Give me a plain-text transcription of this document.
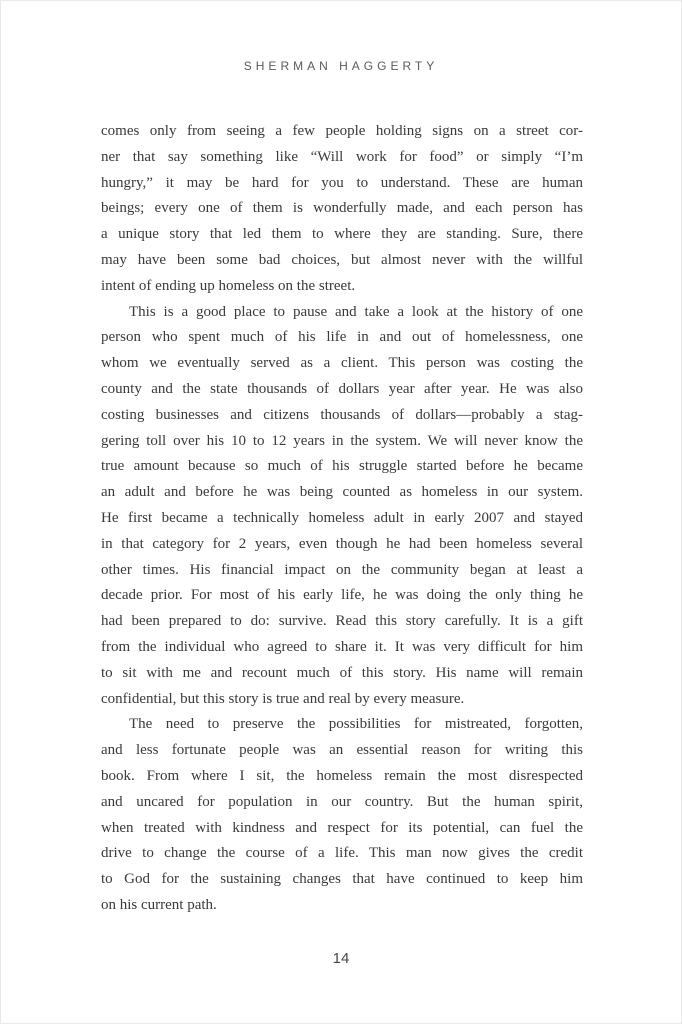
SHERMAN HAGGERTY
comes only from seeing a few people holding signs on a street cor-
ner that say something like “Will work for food” or simply “I’m
hungry,” it may be hard for you to understand. These are human
beings; every one of them is wonderfully made, and each person has
a unique story that led them to where they are standing. Sure, there
may have been some bad choices, but almost never with the willful
intent of ending up homeless on the street.
This is a good place to pause and take a look at the history of one
person who spent much of his life in and out of homelessness, one
whom we eventually served as a client. This person was costing the
county and the state thousands of dollars year after year. He was also
costing businesses and citizens thousands of dollars—probably a stag-
gering toll over his 10 to 12 years in the system. We will never know the
true amount because so much of his struggle started before he became
an adult and before he was being counted as homeless in our system.
He first became a technically homeless adult in early 2007 and stayed
in that category for 2 years, even though he had been homeless several
other times. His financial impact on the community began at least a
decade prior. For most of his early life, he was doing the only thing he
had been prepared to do: survive. Read this story carefully. It is a gift
from the individual who agreed to share it. It was very difficult for him
to sit with me and recount much of this story. His name will remain
confidential, but this story is true and real by every measure.
The need to preserve the possibilities for mistreated, forgotten,
and less fortunate people was an essential reason for writing this
book. From where I sit, the homeless remain the most disrespected
and uncared for population in our country. But the human spirit,
when treated with kindness and respect for its potential, can fuel the
drive to change the course of a life. This man now gives the credit
to God for the sustaining changes that have continued to keep him
on his current path.
14
